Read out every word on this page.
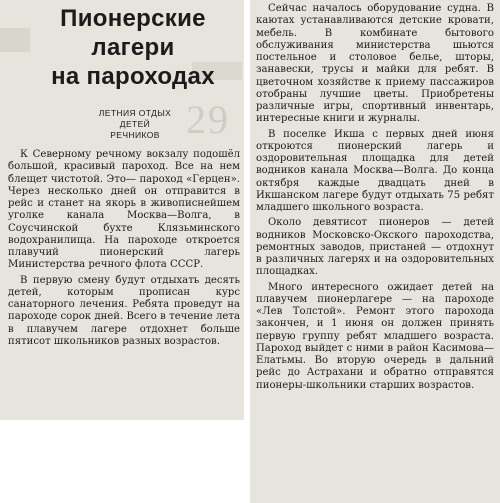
29
Пионерские
лагери
на пароходах
ЛЕТНИЯ ОТДЫХ
ДЕТЕЙ
РЕЧНИКОВ

К Северному речному вокзалу подошёл большой, красивый пароход. Все на нем блещет чистотой. Это— пароход «Герцен». Через несколько дней он отправится в рейс и станет на якорь в живописнейшем уголке канала Москва—Волга, в Соусчинской бухте Клязьминского водохранилища. На пароходе откроется плавучий пионерский лагерь Министерства речного флота СССР.

В первую смену будут отдыхать десять детей, которым прописан курс санаторного лечения. Ребята проведут на пароходе сорок дней. Всего в течение лета в плавучем лагере отдохнет больше пятисот школьников разных возрастов.

Сейчас началось оборудование судна. В каютах устанавливаются детские кровати, мебель. В комбинате бытового обслуживания министерства шьются постельное и столовое белье, шторы, занавески, трусы и майки для ребят. В цветочном хозяйстве к приему пассажиров отобраны лучшие цветы. Приобретены различные игры, спортивный инвентарь, интересные книги и журналы.

В поселке Икша с первых дней июня откроются пионерский лагерь и оздоровительная площадка для детей водников канала Москва—Волга. До конца октября каждые двадцать дней в Икшанском лагере будут отдыхать 75 ребят младшего школьного возраста.

Около девятисот пионеров — детей водников Московско-Окского пароходства, ремонтных заводов, пристаней — отдохнут в различных лагерях и на оздоровительных площадках.

Много интересного ожидает детей на плавучем пионерлагере — на пароходе «Лев Толстой». Ремонт этого парохода закончен, и 1 июня он должен принять первую группу ребят младшего возраста. Пароход выйдет с ними в район Касимова—Елатьмы. Во вторую очередь в дальний рейс до Астрахани и обратно отправятся пионеры-школьники старших возрастов.
